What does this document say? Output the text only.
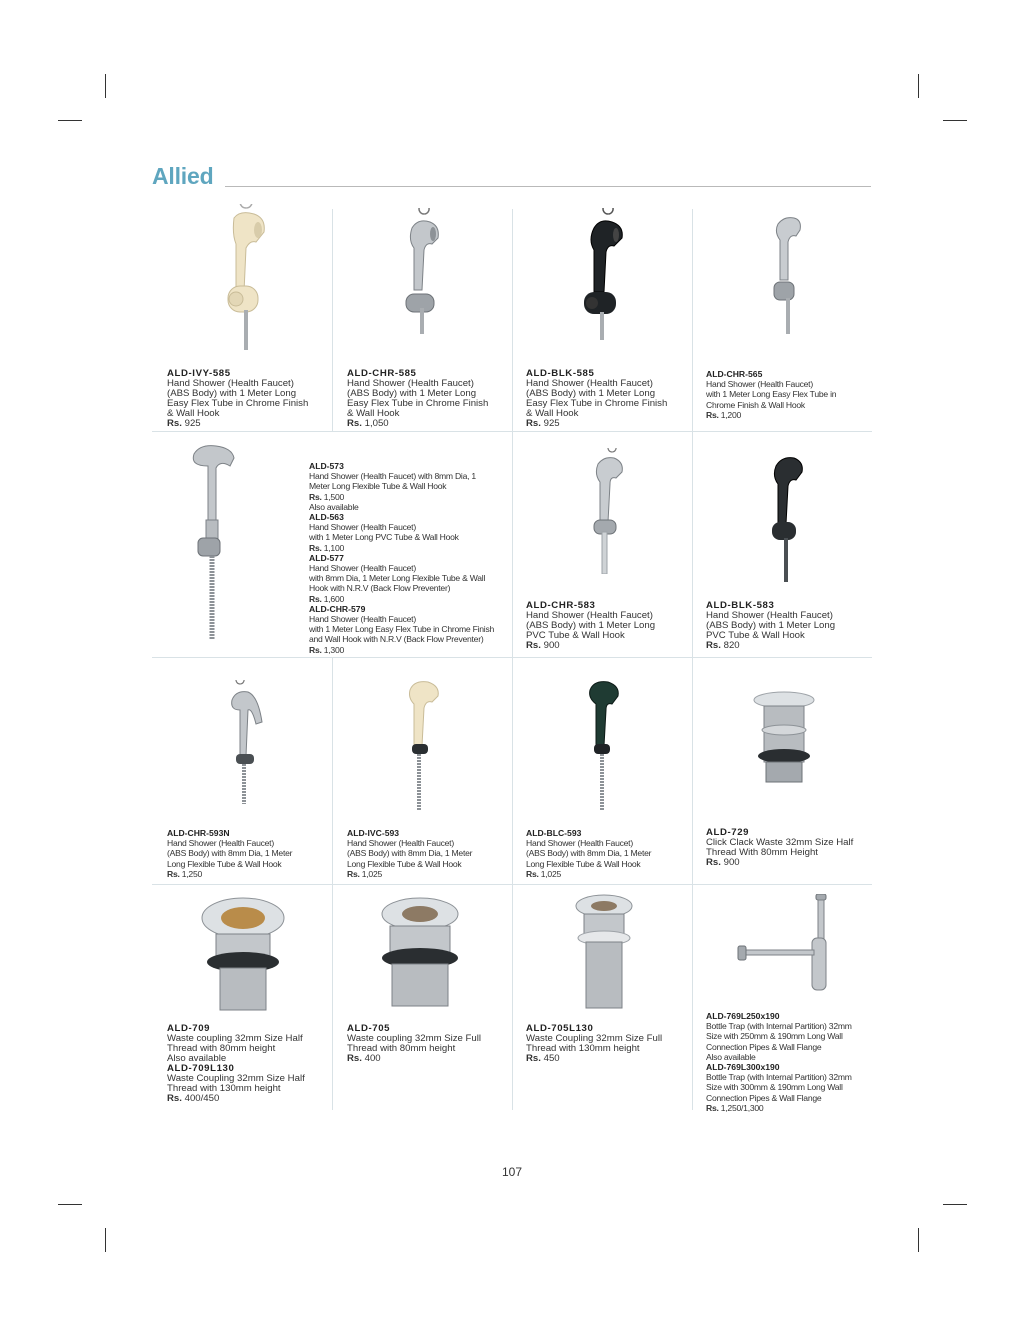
Allied
ALD-IVY-585
Hand Shower (Health Faucet)
(ABS Body) with 1 Meter Long
Easy Flex Tube in Chrome Finish
& Wall Hook
Rs. 925
ALD-CHR-585
Hand Shower (Health Faucet)
(ABS Body) with 1 Meter Long
Easy Flex Tube in Chrome Finish
& Wall Hook
Rs. 1,050
ALD-BLK-585
Hand Shower (Health Faucet)
(ABS Body) with 1 Meter Long
Easy Flex Tube in Chrome Finish
& Wall Hook
Rs. 925
ALD-CHR-565
Hand Shower (Health Faucet)
with 1 Meter Long Easy Flex Tube in
Chrome Finish & Wall Hook
Rs. 1,200
ALD-573
Hand Shower (Health Faucet) with 8mm Dia, 1
Meter Long Flexible Tube & Wall Hook
Rs. 1,500
Also available
ALD-563
Hand Shower (Health Faucet)
with 1 Meter Long PVC Tube & Wall Hook
Rs. 1,100
ALD-577
Hand Shower (Health Faucet)
with 8mm Dia, 1 Meter Long Flexible Tube & Wall
Hook with N.R.V (Back Flow Preventer)
Rs. 1,600
ALD-CHR-579
Hand Shower (Health Faucet)
with 1 Meter Long Easy Flex Tube in Chrome Finish
and Wall Hook with N.R.V (Back Flow Preventer)
Rs. 1,300
ALD-CHR-583
Hand Shower (Health Faucet)
(ABS Body) with 1 Meter Long
PVC Tube & Wall Hook
Rs. 900
ALD-BLK-583
Hand Shower (Health Faucet)
(ABS Body) with 1 Meter Long
PVC Tube & Wall Hook
Rs. 820
ALD-CHR-593N
Hand Shower (Health Faucet)
(ABS Body) with 8mm Dia, 1 Meter
Long Flexible Tube & Wall Hook
Rs. 1,250
ALD-IVC-593
Hand Shower (Health Faucet)
(ABS Body) with 8mm Dia, 1 Meter
Long Flexible Tube & Wall Hook
Rs. 1,025
ALD-BLC-593
Hand Shower (Health Faucet)
(ABS Body) with 8mm Dia, 1 Meter
Long Flexible Tube & Wall Hook
Rs. 1,025
ALD-729
Click Clack Waste 32mm Size Half
Thread With 80mm Height
Rs. 900
ALD-709
Waste coupling 32mm Size Half
Thread with 80mm height
Also available
ALD-709L130
Waste Coupling 32mm Size Half
Thread with 130mm height
Rs. 400/450
ALD-705
Waste coupling 32mm Size Full
Thread with 80mm height
Rs. 400
ALD-705L130
Waste Coupling 32mm Size Full
Thread with 130mm height
Rs. 450
ALD-769L250x190
Bottle Trap (with Internal Partition) 32mm
Size with 250mm & 190mm Long Wall
Connection Pipes & Wall Flange
Also available
ALD-769L300x190
Bottle Trap (with Internal Partition) 32mm
Size with 300mm & 190mm Long Wall
Connection Pipes & Wall Flange
Rs. 1,250/1,300
107
